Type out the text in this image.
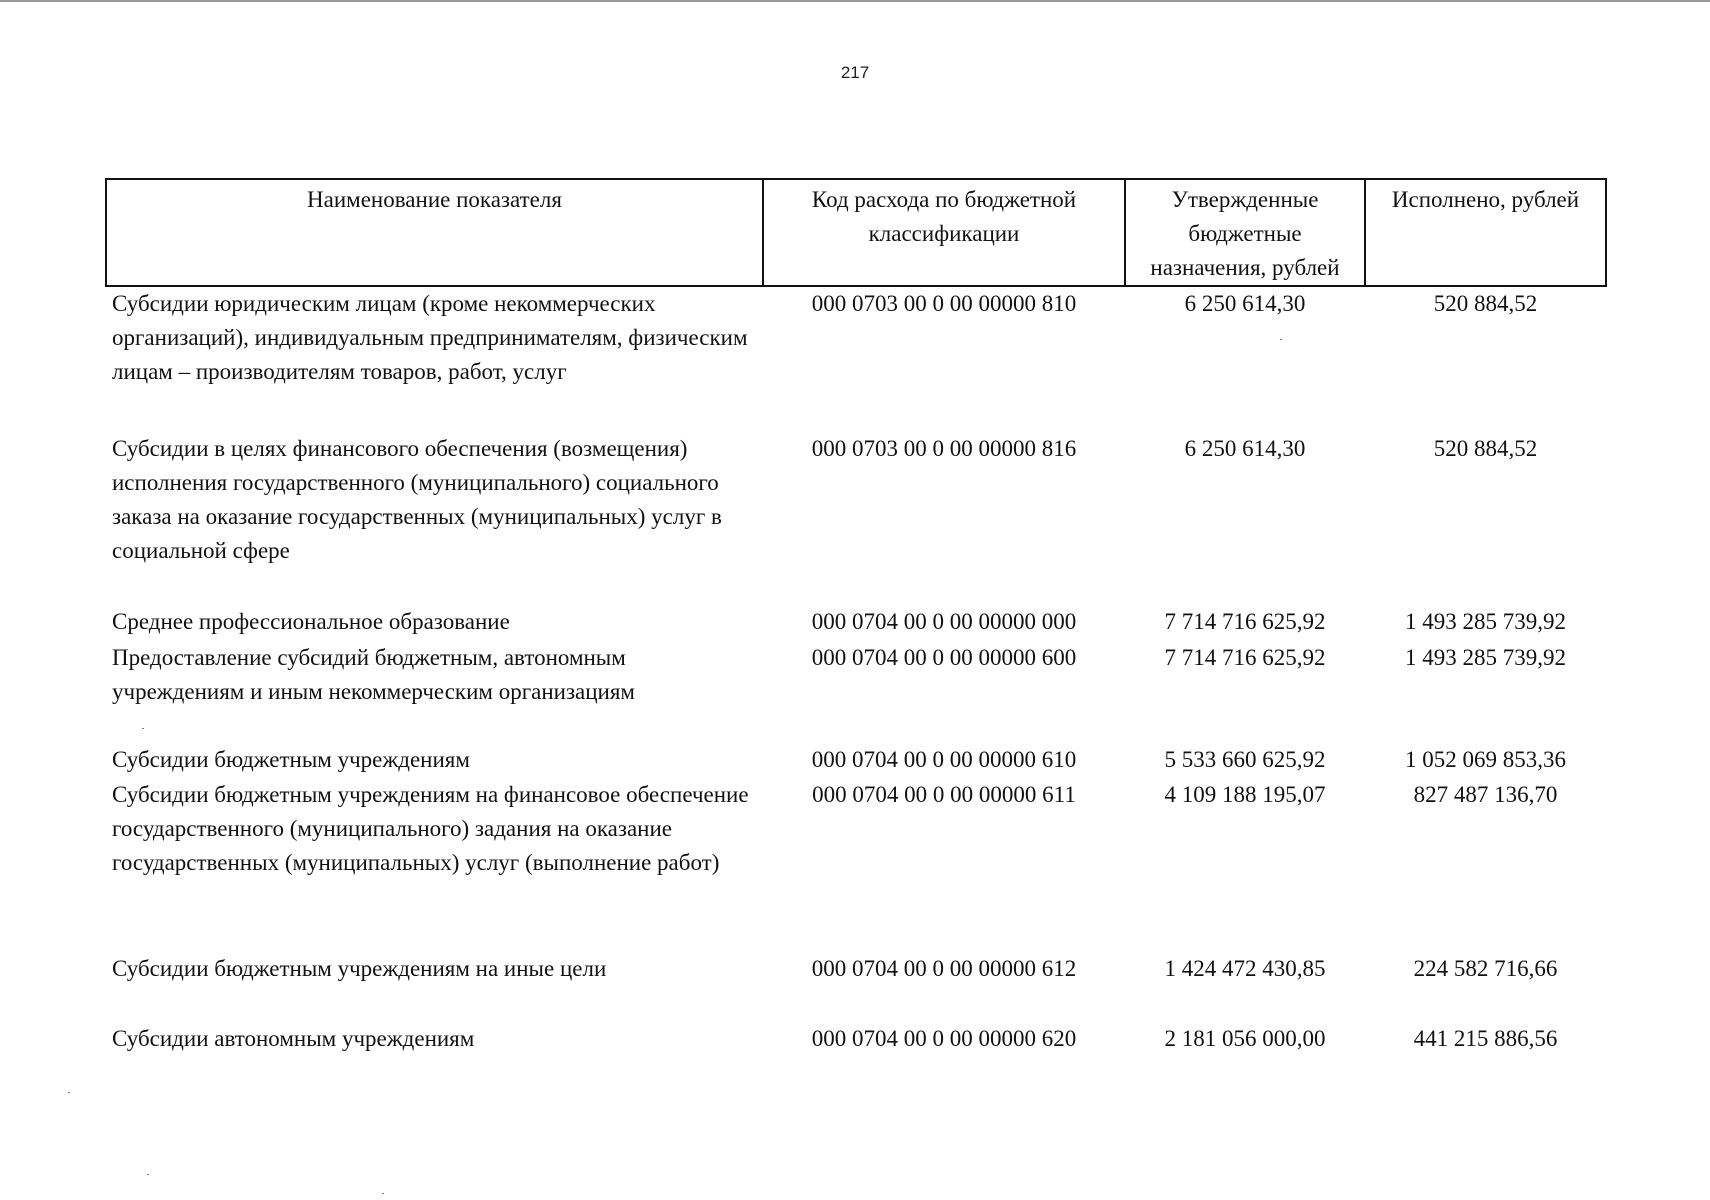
217
Наименование показателя	Код расхода по бюджетной классификации	Утвержденные бюджетные назначения, рублей	Исполнено, рублей
Субсидии юридическим лицам (кроме некоммерческих организаций), индивидуальным предпринимателям, физическим лицам – производителям товаров, работ, услуг	000 0703 00 0 00 00000 810	6 250 614,30	520 884,52
Субсидии в целях финансового обеспечения (возмещения) исполнения государственного (муниципального) социального заказа на оказание государственных (муниципальных) услуг в социальной сфере	000 0703 00 0 00 00000 816	6 250 614,30	520 884,52
Среднее профессиональное образование	000 0704 00 0 00 00000 000	7 714 716 625,92	1 493 285 739,92
Предоставление субсидий бюджетным, автономным учреждениям и иным некоммерческим организациям	000 0704 00 0 00 00000 600	7 714 716 625,92	1 493 285 739,92
Субсидии бюджетным учреждениям	000 0704 00 0 00 00000 610	5 533 660 625,92	1 052 069 853,36
Субсидии бюджетным учреждениям на финансовое обеспечение государственного (муниципального) задания на оказание государственных (муниципальных) услуг (выполнение работ)	000 0704 00 0 00 00000 611	4 109 188 195,07	827 487 136,70
Субсидии бюджетным учреждениям на иные цели	000 0704 00 0 00 00000 612	1 424 472 430,85	224 582 716,66
Субсидии автономным учреждениям	000 0704 00 0 00 00000 620	2 181 056 000,00	441 215 886,56
